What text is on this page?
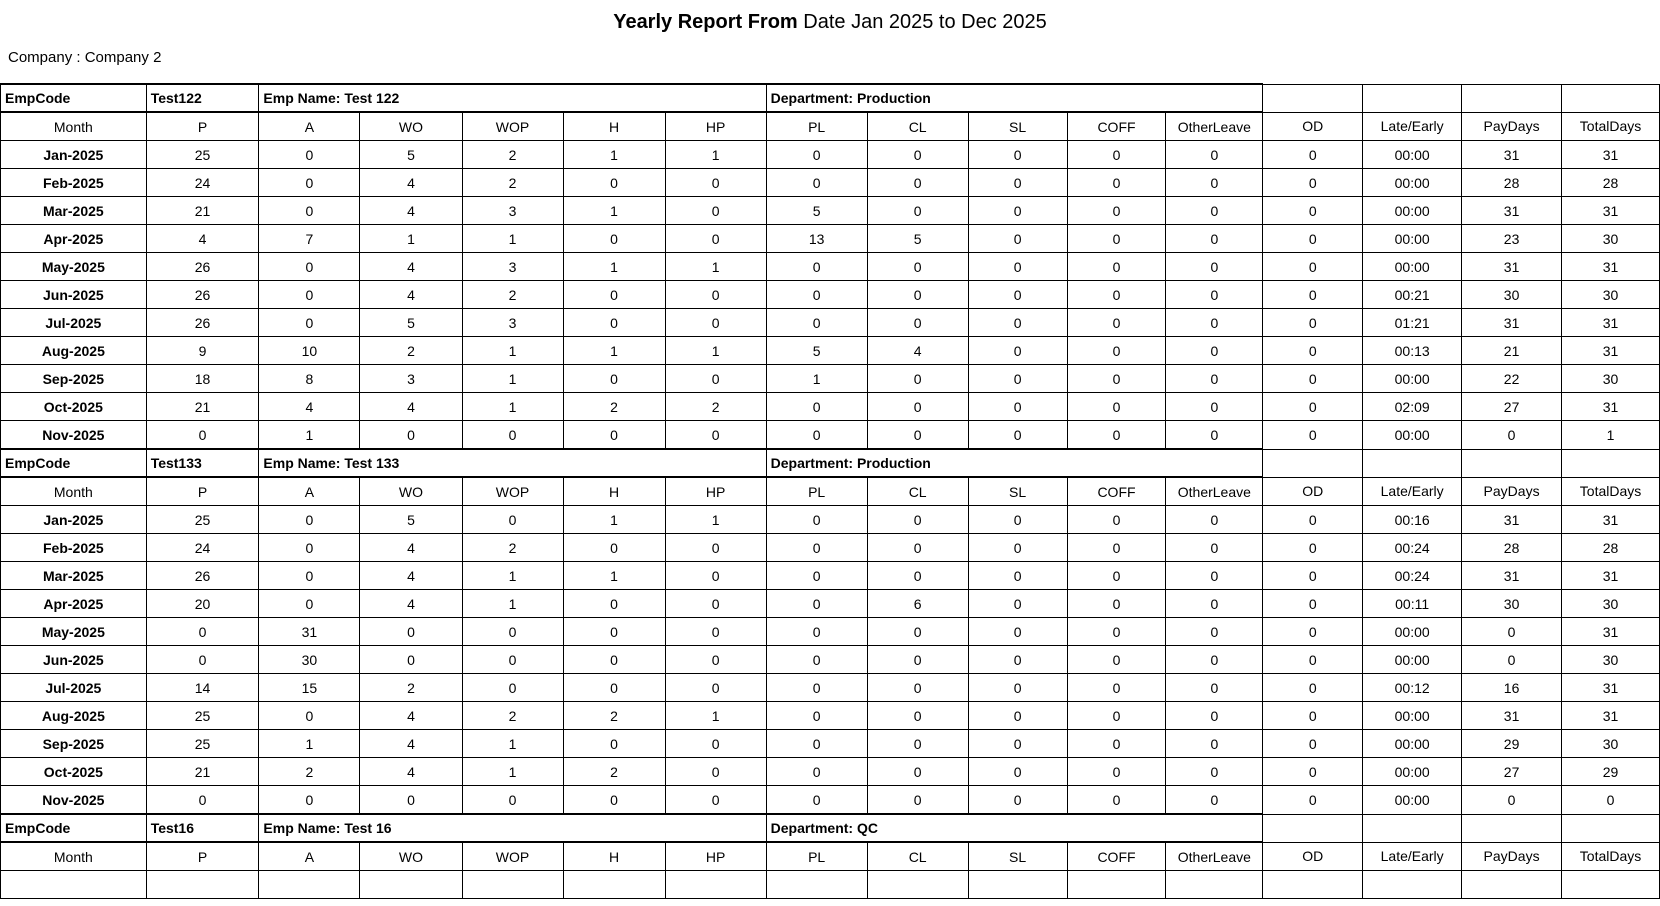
Yearly Report From Date Jan 2025 to Dec 2025
Company : Company 2
EmpCode	Test122	Emp Name: Test 122					Department: Production								
Month	P	A	WO	WOP	H	HP	PL	CL	SL	COFF	OtherLeave	OD	Late/Early	PayDays	TotalDays
Jan-2025	25	0	5	2	1	1	0	0	0	0	0	0	00:00	31	31
Feb-2025	24	0	4	2	0	0	0	0	0	0	0	0	00:00	28	28
Mar-2025	21	0	4	3	1	0	5	0	0	0	0	0	00:00	31	31
Apr-2025	4	7	1	1	0	0	13	5	0	0	0	0	00:00	23	30
May-2025	26	0	4	3	1	1	0	0	0	0	0	0	00:00	31	31
Jun-2025	26	0	4	2	0	0	0	0	0	0	0	0	00:21	30	30
Jul-2025	26	0	5	3	0	0	0	0	0	0	0	0	01:21	31	31
Aug-2025	9	10	2	1	1	1	5	4	0	0	0	0	00:13	21	31
Sep-2025	18	8	3	1	0	0	1	0	0	0	0	0	00:00	22	30
Oct-2025	21	4	4	1	2	2	0	0	0	0	0	0	02:09	27	31
Nov-2025	0	1	0	0	0	0	0	0	0	0	0	0	00:00	0	1
EmpCode	Test133	Emp Name: Test 133					Department: Production								
Month	P	A	WO	WOP	H	HP	PL	CL	SL	COFF	OtherLeave	OD	Late/Early	PayDays	TotalDays
Jan-2025	25	0	5	0	1	1	0	0	0	0	0	0	00:16	31	31
Feb-2025	24	0	4	2	0	0	0	0	0	0	0	0	00:24	28	28
Mar-2025	26	0	4	1	1	0	0	0	0	0	0	0	00:24	31	31
Apr-2025	20	0	4	1	0	0	0	6	0	0	0	0	00:11	30	30
May-2025	0	31	0	0	0	0	0	0	0	0	0	0	00:00	0	31
Jun-2025	0	30	0	0	0	0	0	0	0	0	0	0	00:00	0	30
Jul-2025	14	15	2	0	0	0	0	0	0	0	0	0	00:12	16	31
Aug-2025	25	0	4	2	2	1	0	0	0	0	0	0	00:00	31	31
Sep-2025	25	1	4	1	0	0	0	0	0	0	0	0	00:00	29	30
Oct-2025	21	2	4	1	2	0	0	0	0	0	0	0	00:00	27	29
Nov-2025	0	0	0	0	0	0	0	0	0	0	0	0	00:00	0	0
EmpCode	Test16	Emp Name: Test 16					Department: QC								
Month	P	A	WO	WOP	H	HP	PL	CL	SL	COFF	OtherLeave	OD	Late/Early	PayDays	TotalDays
